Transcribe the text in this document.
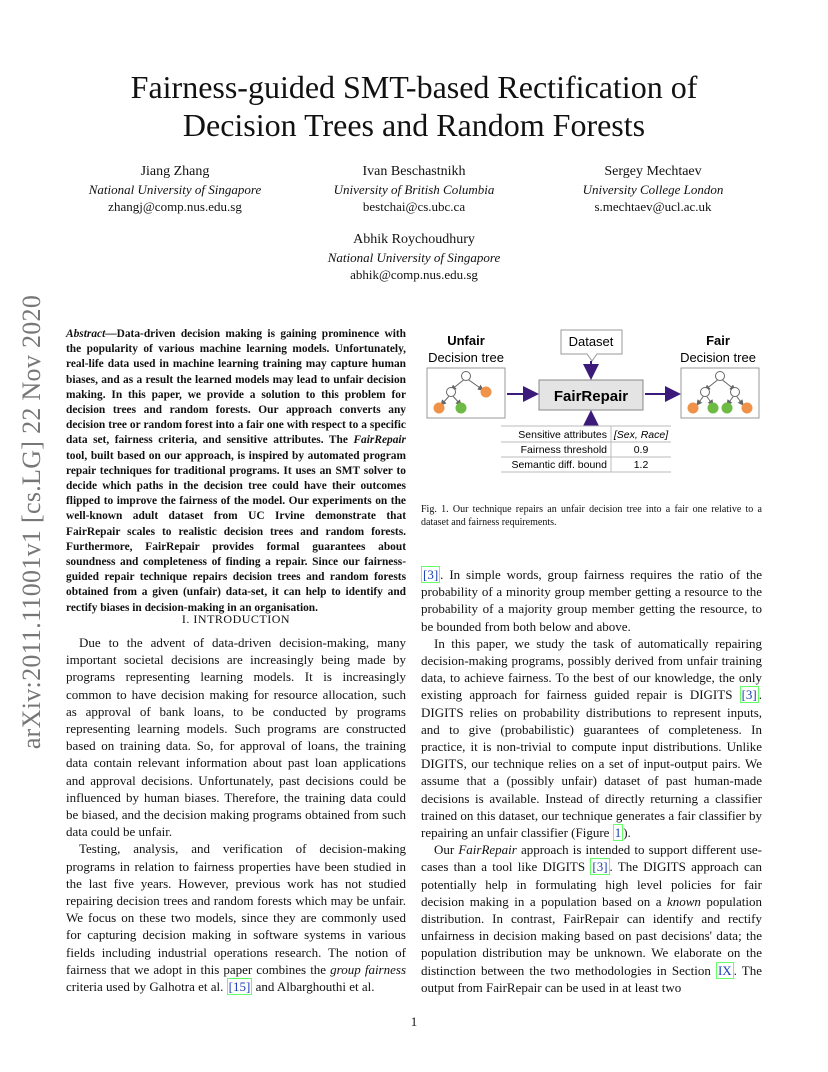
arXiv:2011.11001v1 [cs.LG] 22 Nov 2020
Fairness-guided SMT-based Rectification of
Decision Trees and Random Forests
Jiang Zhang
National University of Singapore
zhangj@comp.nus.edu.sg
Ivan Beschastnikh
University of British Columbia
bestchai@cs.ubc.ca
Sergey Mechtaev
University College London
s.mechtaev@ucl.ac.uk
Abhik Roychoudhury
National University of Singapore
abhik@comp.nus.edu.sg
Abstract—Data-driven decision making is gaining prominence with the popularity of various machine learning models. Unfortunately, real-life data used in machine learning training may capture human biases, and as a result the learned models may lead to unfair decision making. In this paper, we provide a solution to this problem for decision trees and random forests. Our approach converts any decision tree or random forest into a fair one with respect to a specific data set, fairness criteria, and sensitive attributes. The FairRepair tool, built based on our approach, is inspired by automated program repair techniques for traditional programs. It uses an SMT solver to decide which paths in the decision tree could have their outcomes flipped to improve the fairness of the model. Our experiments on the well-known adult dataset from UC Irvine demonstrate that FairRepair scales to realistic decision trees and random forests. Furthermore, FairRepair provides formal guarantees about soundness and completeness of finding a repair. Since our fairness-guided repair technique repairs decision trees and random forests obtained from a given (unfair) data-set, it can help to identify and rectify biases in decision-making in an organisation.
I. INTRODUCTION

Due to the advent of data-driven decision-making, many important societal decisions are increasingly being made by programs representing learning models. It is increasingly common to have decision making for resource allocation, such as approval of bank loans, to be conducted by programs representing learning models. Such programs are constructed based on training data. So, for approval of loans, the training data contain relevant information about past loan applications and approval decisions. Unfortunately, past decisions could be influenced by human biases. Therefore, the training data could be biased, and the decision making programs obtained from such data could be unfair.

Testing, analysis, and verification of decision-making programs in relation to fairness properties have been studied in the last five years. However, previous work has not studied repairing decision trees and random forests which may be unfair. We focus on these two models, since they are commonly used for capturing decision making in software systems in various fields including industrial operations research. The notion of fairness that we adopt in this paper combines the group fairness criteria used by Galhotra et al. [15] and Albarghouthi et al.

Unfair
Decision tree
Fair
Decision tree
Dataset
FairRepair
Sensitive attributes [Sex, Race]
Fairness threshold	0.9
Semantic diff. bound	1.2
Fig. 1. Our technique repairs an unfair decision tree into a fair one relative to a dataset and fairness requirements.

[3] . In simple words, group fairness requires the ratio of the probability of a minority group member getting a resource to the probability of a majority group member getting the resource, to be bounded from both below and above.

In this paper, we study the task of automatically repairing decision-making programs, possibly derived from unfair training data, to achieve fairness. To the best of our knowledge, the only existing approach for fairness guided repair is DIGITS [3] . DIGITS relies on probability distributions to represent inputs, and to give (probabilistic) guarantees of completeness. In practice, it is non-trivial to compute input distributions. Unlike DIGITS, our technique relies on a set of input-output pairs. We assume that a (possibly unfair) dataset of past human-made decisions is available. Instead of directly returning a classifier trained on this dataset, our technique generates a fair classifier by repairing an unfair classifier (Figure 1 ).

Our FairRepair approach is intended to support different use-cases than a tool like DIGITS [3] . The DIGITS approach can potentially help in formulating high level policies for fair decision making in a population based on a known population distribution. In contrast, FairRepair can identify and rectify unfairness in decision making based on past decisions' data; the population distribution may be unknown. We elaborate on the distinction between the two methodologies in Section IX . The output from FairRepair can be used in at least two

1
